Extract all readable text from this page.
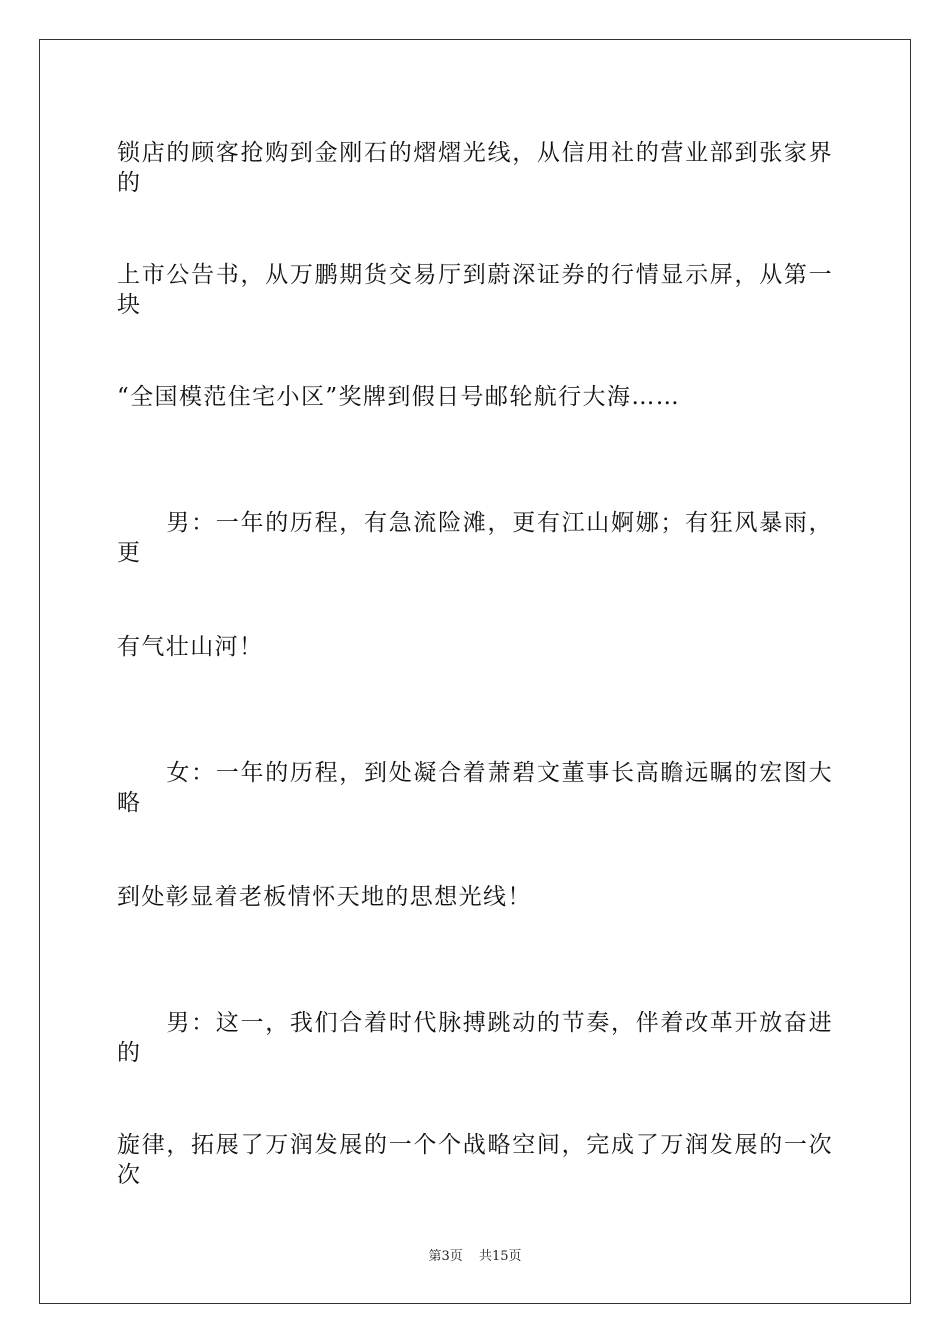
锁店的顾客抢购到金刚石的熠熠光线，从信用社的营业部到张家界的
上市公告书，从万鹏期货交易厅到蔚深证券的行情显示屏，从第一块
“全国模范住宅小区”奖牌到假日号邮轮航行大海……
　　男：一年的历程，有急流险滩，更有江山婀娜；有狂风暴雨，更
有气壮山河！
　　女：一年的历程，到处凝合着萧碧文董事长高瞻远瞩的宏图大略
到处彰显着老板情怀天地的思想光线！
　　男：这一，我们合着时代脉搏跳动的节奏，伴着改革开放奋进的
旋律，拓展了万润发展的一个个战略空间，完成了万润发展的一次次
第3页 共15页
